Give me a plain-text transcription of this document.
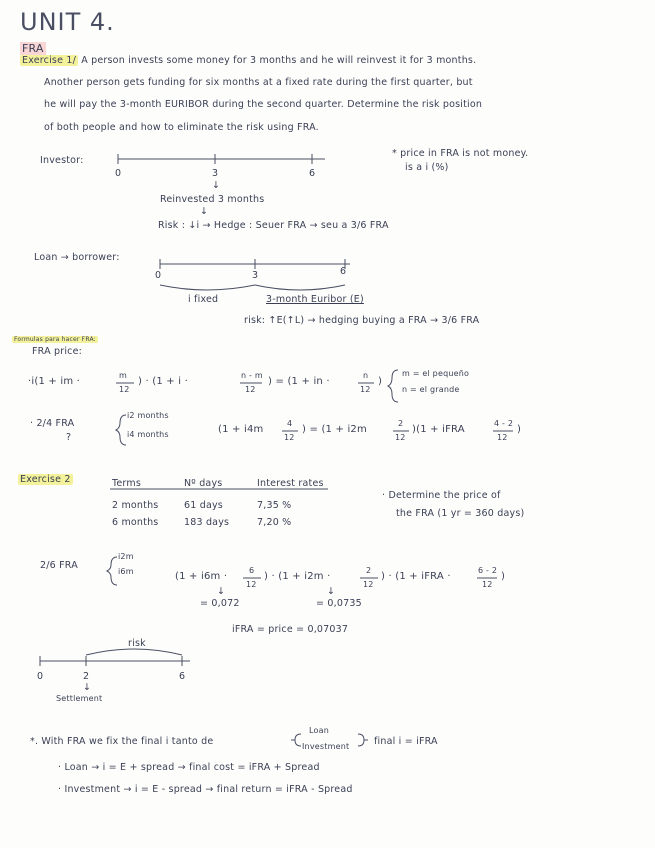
UNIT 4.
FRA
Exercise 1/ A person invests some money for 3 months and he will reinvest it for 3 months.
Another person gets funding for six months at a fixed rate during the first quarter, but
he will pay the 3-month EURIBOR during the second quarter. Determine the risk position
of both people and how to eliminate the risk using FRA.
Investor:
0	3	6
↓
Reinvested 3 months
↓
Risk : ↓i → Hedge : Seuer FRA → seu a 3/6 FRA
* price in FRA is not money.
is a i (%)
Loan → borrower:
0	3	6
i fixed	3-month Euribor (E)
risk: ↑E(↑L) → hedging buying a FRA → 3/6 FRA
Formulas para hacer FRA:
FRA price:
·i(1 + im ·
m
12
) · (1 + i ·
n - m
12
) = (1 + in ·
n
12
)
m = el pequeño
n = el grande
· 2/4 FRA
?
i2 months
i4 months	(1 + i4m
4
12
) = (1 + i2m
2
12
)(1 + iFRA
4 - 2
12
)
Exercise 2	Terms	Nº days	Interest rates
2 months	61 days	7,35 %
6 months	183 days	7,20 %
· Determine the price of
the FRA (1 yr = 360 days)
2/6 FRA
i2m
i6m	(1 + i6m ·
6
12
) · (1 + i2m ·
2
12
) · (1 + iFRA ·
6 - 2
12
)
↓	↓
= 0,072	= 0,0735
iFRA = price = 0,07037
risk
0	2	6
↓
Settlement
*. With FRA we fix the final i tanto de
Loan
Investment	final i = iFRA
· Loan → i = E + spread → final cost = iFRA + Spread
· Investment → i = E - spread → final return = iFRA - Spread
